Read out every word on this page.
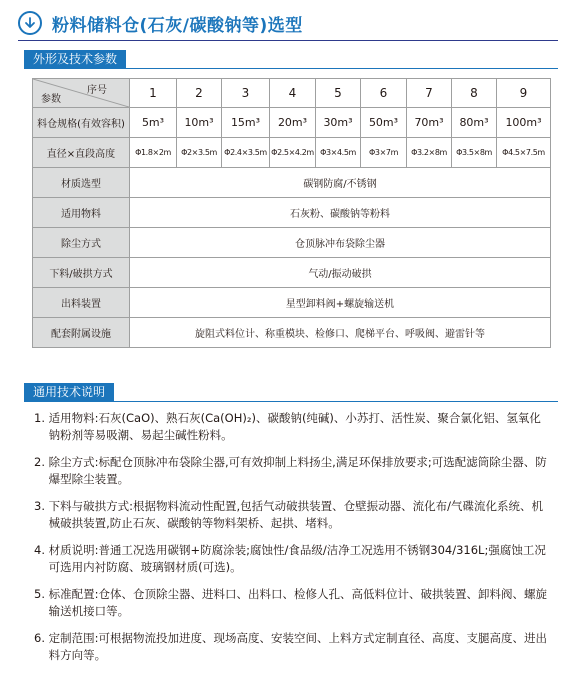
粉料储料仓(石灰/碳酸钠等)选型
外形及技术参数
序号
参数	1	2	3	4	5	6	7	8	9
料仓规格(有效容积)	5m³	10m³	15m³	20m³	30m³	50m³	70m³	80m³	100m³
直径×直段高度	Φ1.8×2m	Φ2×3.5m	Φ2.4×3.5m	Φ2.5×4.2m	Φ3×4.5m	Φ3×7m	Φ3.2×8m	Φ3.5×8m	Φ4.5×7.5m
材质选型	碳钢防腐/不锈钢								
适用物料	石灰粉、碳酸钠等粉料								
除尘方式	仓顶脉冲布袋除尘器								
下料/破拱方式	气动/振动破拱								
出料装置	星型卸料阀+螺旋输送机								
配套附属设施	旋阻式料位计、称重模块、检修口、爬梯平台、呼吸阀、避雷针等								
通用技术说明
1. 适用物料:石灰(CaO)、熟石灰(Ca(OH)₂)、碳酸钠(纯碱)、小苏打、活性炭、聚合氯化铝、氢氧化钠粉剂等易吸潮、易起尘碱性粉料。
2. 除尘方式:标配仓顶脉冲布袋除尘器,可有效抑制上料扬尘,满足环保排放要求;可选配滤筒除尘器、防爆型除尘装置。
3. 下料与破拱方式:根据物料流动性配置,包括气动破拱装置、仓壁振动器、流化布/气碟流化系统、机械破拱装置,防止石灰、碳酸钠等物料架桥、起拱、堵料。
4. 材质说明:普通工况选用碳钢+防腐涂装;腐蚀性/食品级/洁净工况选用不锈钢304/316L;强腐蚀工况可选用内衬防腐、玻璃钢材质(可选)。
5. 标准配置:仓体、仓顶除尘器、进料口、出料口、检修人孔、高低料位计、破拱装置、卸料阀、螺旋输送机接口等。
6. 定制范围:可根据物流投加进度、现场高度、安装空间、上料方式定制直径、高度、支腿高度、进出料方向等。
